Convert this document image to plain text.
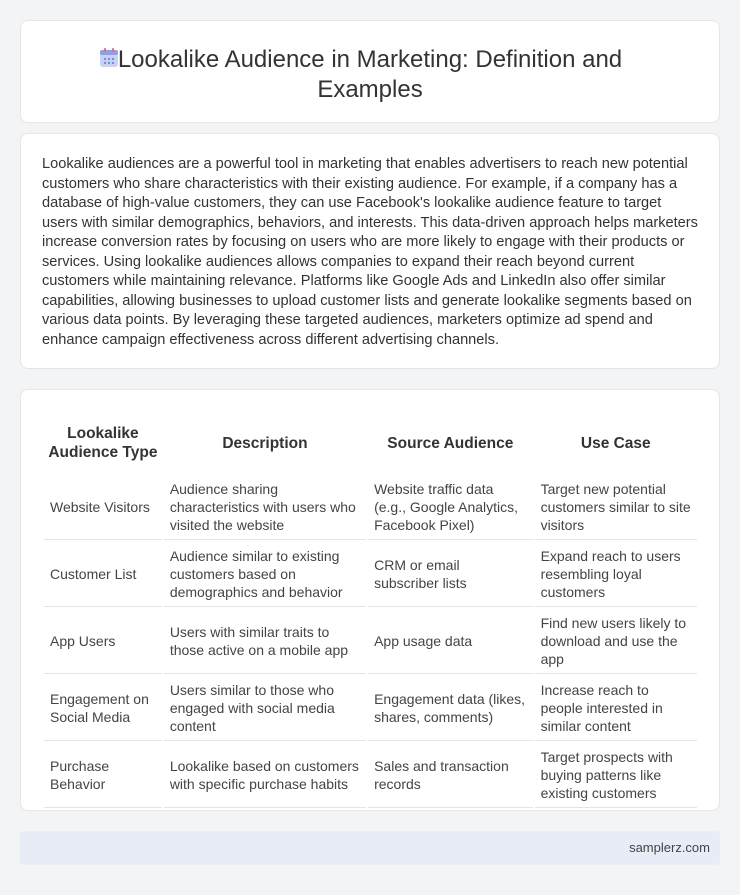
Lookalike Audience in Marketing: Definition and
Examples

Lookalike audiences are a powerful tool in marketing that enables advertisers to reach new potential customers who share characteristics with their existing audience. For example, if a company has a database of high-value customers, they can use Facebook's lookalike audience feature to target users with similar demographics, behaviors, and interests. This data-driven approach helps marketers increase conversion rates by focusing on users who are more likely to engage with their products or services. Using lookalike audiences allows companies to expand their reach beyond current customers while maintaining relevance. Platforms like Google Ads and LinkedIn also offer similar capabilities, allowing businesses to upload customer lists and generate lookalike segments based on various data points. By leveraging these targeted audiences, marketers optimize ad spend and enhance campaign effectiveness across different advertising channels.

Lookalike Audience Type	Description	Source Audience	Use Case
Website Visitors	Audience sharing characteristics with users who visited the website	Website traffic data (e.g., Google Analytics, Facebook Pixel)	Target new potential customers similar to site visitors
Customer List	Audience similar to existing customers based on demographics and behavior	CRM or email subscriber lists	Expand reach to users resembling loyal customers
App Users	Users with similar traits to those active on a mobile app	App usage data	Find new users likely to download and use the app
Engagement on Social Media	Users similar to those who engaged with social media content	Engagement data (likes, shares, comments)	Increase reach to people interested in similar content
Purchase Behavior	Lookalike based on customers with specific purchase habits	Sales and transaction records	Target prospects with buying patterns like existing customers
samplerz.com
